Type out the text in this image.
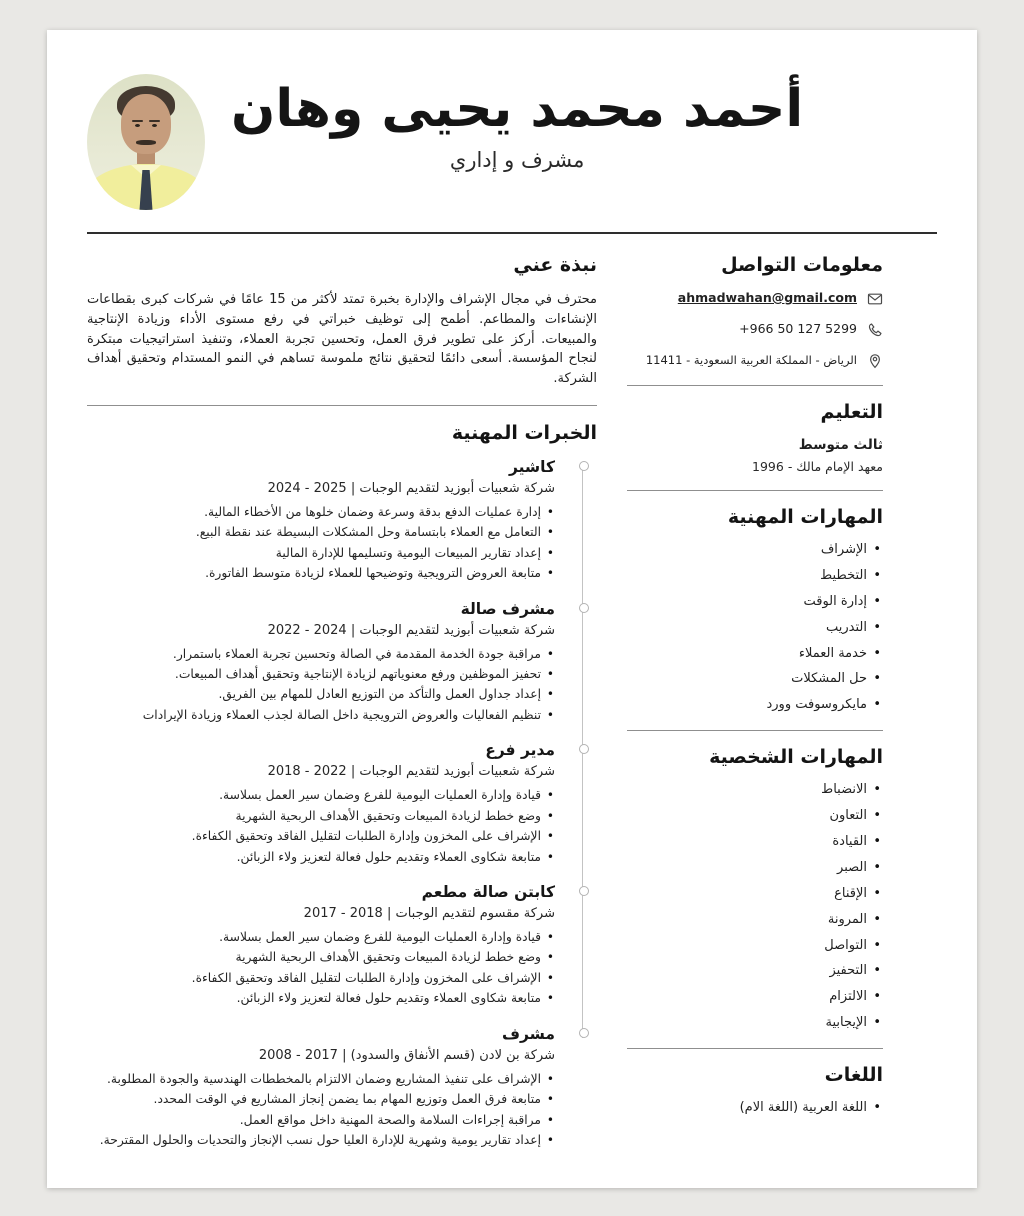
أحمد محمد يحيى وهان
مشرف و إداري
معلومات التواصل
ahmadwahan@gmail.com
+966 50 127 5299
الرياض - المملكة العربية السعودية - 11411
التعليم
ثالث متوسط
معهد الإمام مالك - 1996
المهارات المهنية
• الإشراف
• التخطيط
• إدارة الوقت
• التدريب
• خدمة العملاء
• حل المشكلات
• مايكروسوفت وورد
المهارات الشخصية
• الانضباط
• التعاون
• القيادة
• الصبر
• الإقناع
• المرونة
• التواصل
• التحفيز
• الالتزام
• الإيجابية
اللغات
• اللغة العربية (اللغة الام)
نبذة عني

محترف في مجال الإشراف والإدارة بخبرة تمتد لأكثر من 15 عامًا في شركات كبرى بقطاعات الإنشاءات والمطاعم. أطمح إلى توظيف خبراتي في رفع مستوى الأداء وزيادة الإنتاجية والمبيعات. أركز على تطوير فرق العمل، وتحسين تجربة العملاء، وتنفيذ استراتيجيات مبتكرة لنجاح المؤسسة. أسعى دائمًا لتحقيق نتائج ملموسة تساهم في النمو المستدام وتحقيق أهداف الشركة.

الخبرات المهنية
كاشير
شركة شعبيات أبوزيد لتقديم الوجبات | 2024 - 2025
• إدارة عمليات الدفع بدقة وسرعة وضمان خلوها من الأخطاء المالية.
• التعامل مع العملاء بابتسامة وحل المشكلات البسيطة عند نقطة البيع.
• إعداد تقارير المبيعات اليومية وتسليمها للإدارة المالية
• متابعة العروض الترويجية وتوضيحها للعملاء لزيادة متوسط الفاتورة.
مشرف صالة
شركة شعبيات أبوزيد لتقديم الوجبات | 2022 - 2024
• مراقبة جودة الخدمة المقدمة في الصالة وتحسين تجربة العملاء باستمرار.
• تحفيز الموظفين ورفع معنوياتهم لزيادة الإنتاجية وتحقيق أهداف المبيعات.
• إعداد جداول العمل والتأكد من التوزيع العادل للمهام بين الفريق.
• تنظيم الفعاليات والعروض الترويجية داخل الصالة لجذب العملاء وزيادة الإيرادات
مدير فرع
شركة شعبيات أبوزيد لتقديم الوجبات | 2018 - 2022
• قيادة وإدارة العمليات اليومية للفرع وضمان سير العمل بسلاسة.
• وضع خطط لزيادة المبيعات وتحقيق الأهداف الربحية الشهرية
• الإشراف على المخزون وإدارة الطلبات لتقليل الفاقد وتحقيق الكفاءة.
• متابعة شكاوى العملاء وتقديم حلول فعالة لتعزيز ولاء الزبائن.
كابتن صالة مطعم
شركة مقسوم لتقديم الوجبات | 2017 - 2018
• قيادة وإدارة العمليات اليومية للفرع وضمان سير العمل بسلاسة.
• وضع خطط لزيادة المبيعات وتحقيق الأهداف الربحية الشهرية
• الإشراف على المخزون وإدارة الطلبات لتقليل الفاقد وتحقيق الكفاءة.
• متابعة شكاوى العملاء وتقديم حلول فعالة لتعزيز ولاء الزبائن.
مشرف
شركة بن لادن (قسم الأنفاق والسدود) | 2008 - 2017
• الإشراف على تنفيذ المشاريع وضمان الالتزام بالمخططات الهندسية والجودة المطلوبة.
• متابعة فرق العمل وتوزيع المهام بما يضمن إنجاز المشاريع في الوقت المحدد.
• مراقبة إجراءات السلامة والصحة المهنية داخل مواقع العمل.
• إعداد تقارير يومية وشهرية للإدارة العليا حول نسب الإنجاز والتحديات والحلول المقترحة.
